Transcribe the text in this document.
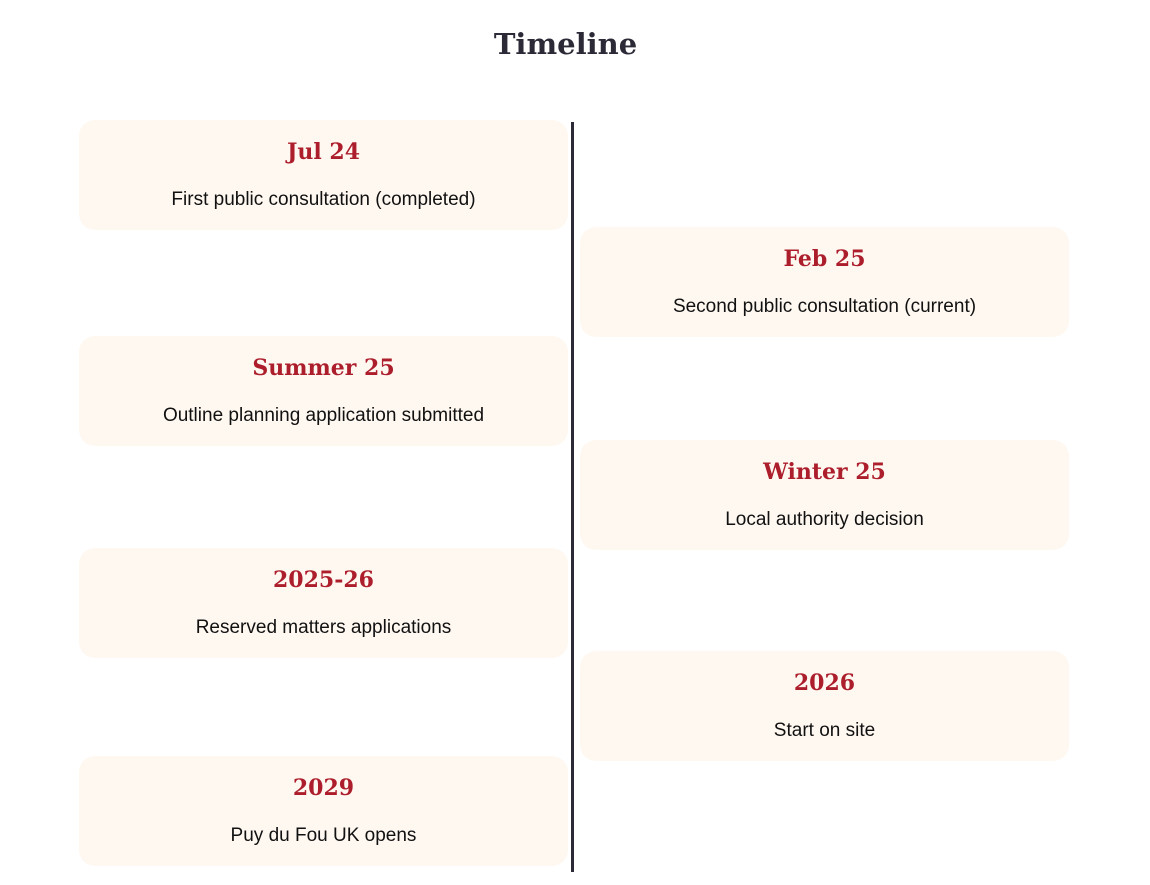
Timeline
Jul 24
First public consultation (completed)
Feb 25
Second public consultation (current)
Summer 25
Outline planning application submitted
Winter 25
Local authority decision
2025-26
Reserved matters applications
2026
Start on site
2029
Puy du Fou UK opens
